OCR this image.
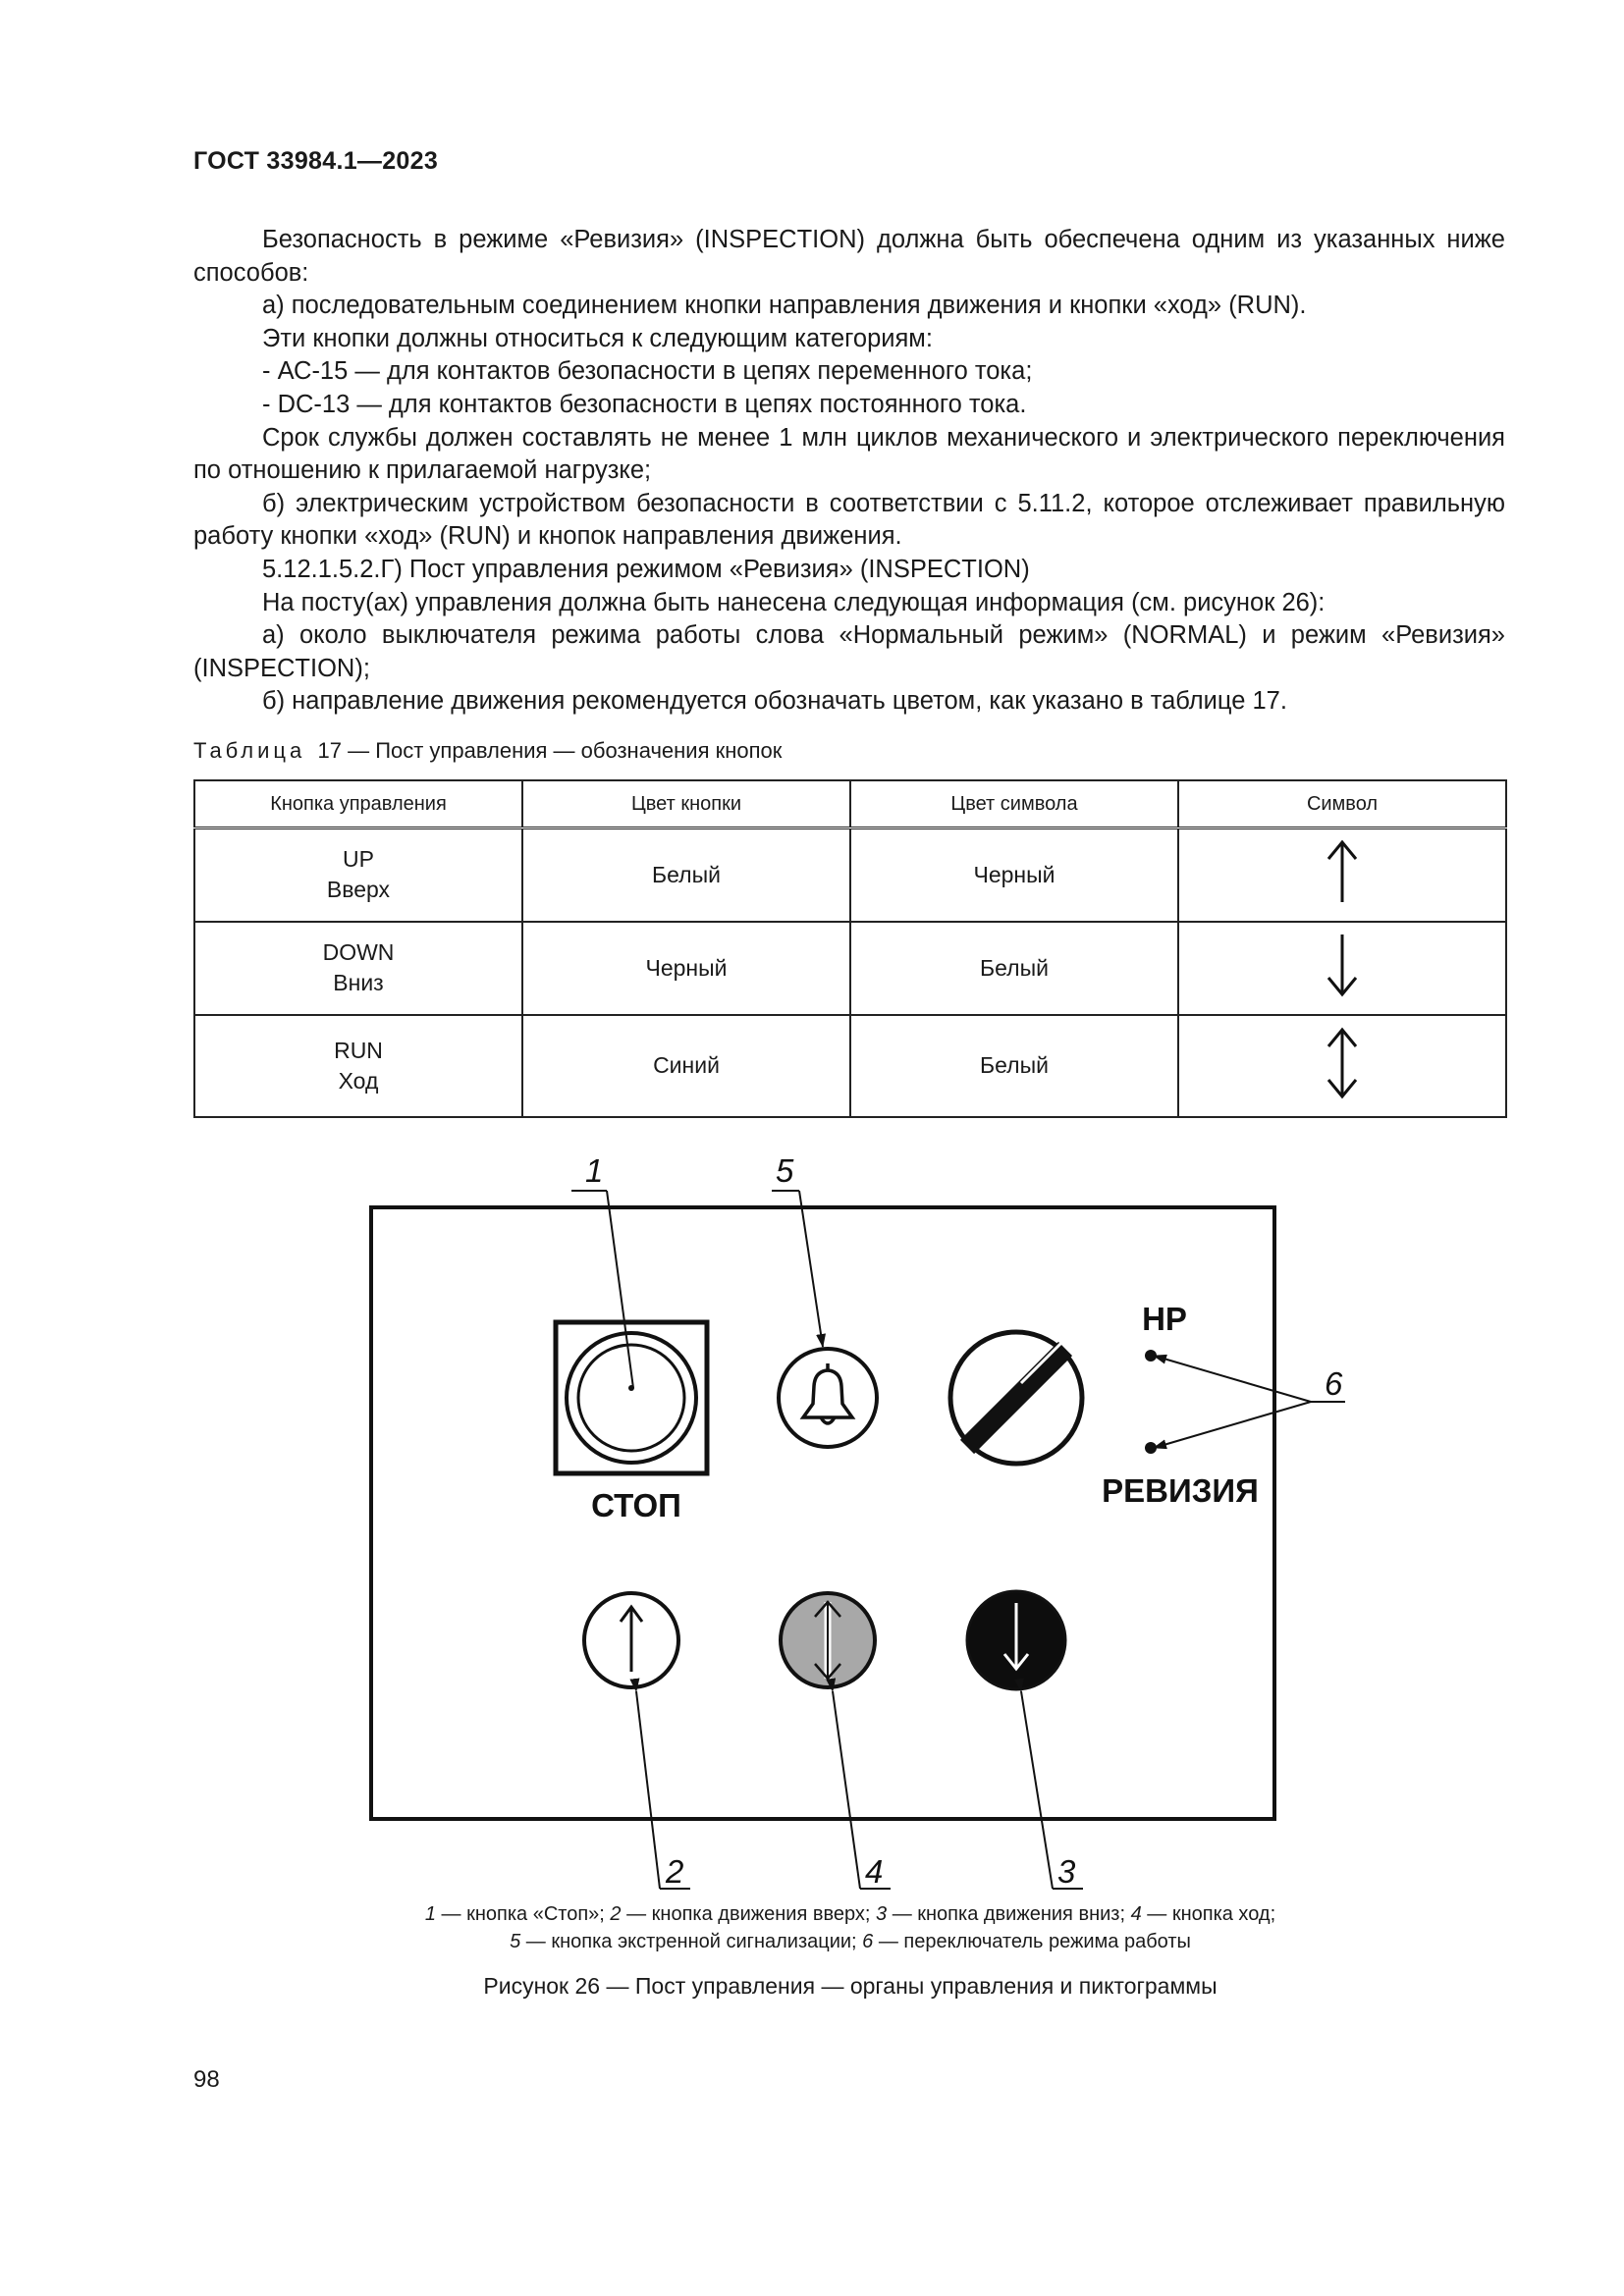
ГОСТ 33984.1—2023

Безопасность в режиме «Ревизия» (INSPECTION) должна быть обеспечена одним из указанных ниже способов:

а) последовательным соединением кнопки направления движения и кнопки «ход» (RUN).

Эти кнопки должны относиться к следующим категориям:

- АС-15 — для контактов безопасности в цепях переменного тока;

- DC-13 — для контактов безопасности в цепях постоянного тока.

Срок службы должен составлять не менее 1 млн циклов механического и электрического переключения по отношению к прилагаемой нагрузке;

б) электрическим устройством безопасности в соответствии с 5.11.2, которое отслеживает правильную работу кнопки «ход» (RUN) и кнопок направления движения.

5.12.1.5.2.Г) Пост управления режимом «Ревизия» (INSPECTION)

На посту(ах) управления должна быть нанесена следующая информация (см. рисунок 26):

а) около выключателя режима работы слова «Нормальный режим» (NORMAL) и режим «Ревизия» (INSPECTION);

б) направление движения рекомендуется обозначать цветом, как указано в таблице 17.

Таблица 17 — Пост управления — обозначения кнопок
Кнопка управления	Цвет кнопки	Цвет символа	Символ

UP
Вверх	Белый	Черный	

DOWN
Вниз	Черный	Белый	

RUN
Ход	Синий	Белый	
СТОП
НР
РЕВИЗИЯ
1	5
6
2	4	3
1 — кнопка «Стоп»; 2 — кнопка движения вверх; 3 — кнопка движения вниз; 4 — кнопка ход;
5 — кнопка экстренной сигнализации; 6 — переключатель режима работы
Рисунок 26 — Пост управления — органы управления и пиктограммы
98
